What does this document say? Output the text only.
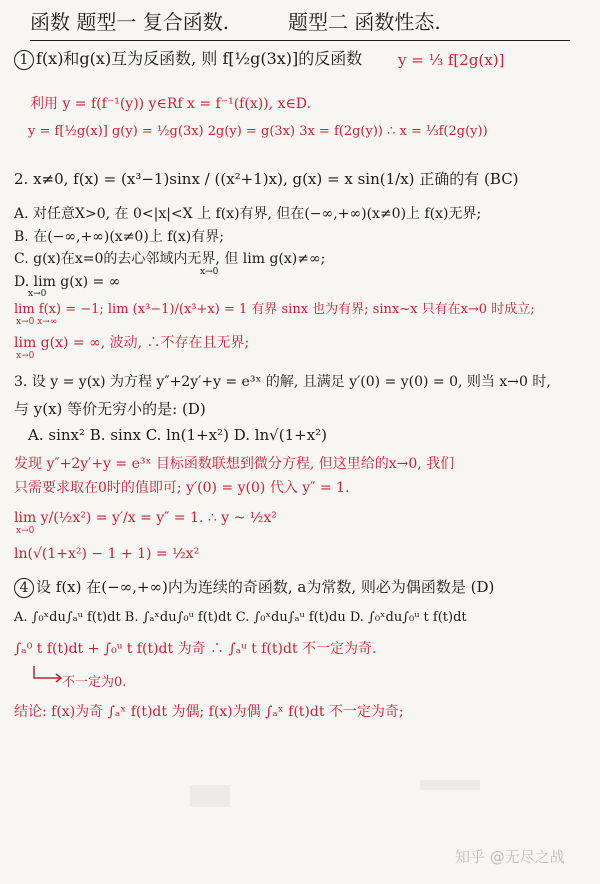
函数 题型一 复合函数.	题型二 函数性态.
1 f(x)和g(x)互为反函数, 则 f[½g(3x)]的反函数 y = ⅓ f[2g(x)]
利用 y = f(f⁻¹(y)) y∈Rf x = f⁻¹(f(x)), x∈D.
y = f[½g(x)] g(y) = ½g(3x) 2g(y) = g(3x) 3x = f(2g(y)) ∴ x = ⅓f(2g(y))
2. x≠0, f(x) = (x³−1)sinx / ((x²+1)x), g(x) = x sin(1/x) 正确的有 (BC)
A. 对任意X>0, 在 0<|x|<X 上 f(x)有界, 但在(−∞,+∞)(x≠0)上 f(x)无界;
B. 在(−∞,+∞)(x≠0)上 f(x)有界;
C. g(x)在x=0的去心邻域内无界, 但 lim g(x)≠∞;
x→0
D. lim g(x) = ∞
x→0
lim f(x) = −1; lim (x³−1)/(x³+x) = 1 有界 sinx 也为有界; sinx~x 只有在x→0 时成立;
x→0 x→∞
lim g(x) = ∞, 波动, ∴不存在且无界;
x→0
3. 设 y = y(x) 为方程 y″+2y′+y = e³ˣ 的解, 且满足 y′(0) = y(0) = 0, 则当 x→0 时,
与 y(x) 等价无穷小的是: (D)
A. sinx² B. sinx C. ln(1+x²) D. ln√(1+x²)
发现 y″+2y′+y = e³ˣ 目标函数联想到微分方程, 但这里给的x→0, 我们
只需要求取在0时的值即可; y′(0) = y(0) 代入 y″ = 1.
lim y/(½x²) = y′/x = y″ = 1. ∴ y ~ ½x²
x→0
ln(√(1+x²) − 1 + 1) = ½x²
4 设 f(x) 在(−∞,+∞)内为连续的奇函数, a为常数, 则必为偶函数是 (D)
A. ∫₀ˣdu∫ₐᵘ f(t)dt B. ∫ₐˣdu∫₀ᵘ f(t)dt C. ∫₀ˣdu∫ₐᵘ f(t)du D. ∫₀ˣdu∫₀ᵘ t f(t)dt
∫ₐ⁰ t f(t)dt + ∫₀ᵘ t f(t)dt 为奇 ∴ ∫ₐᵘ t f(t)dt 不一定为奇.
不一定为0.
结论: f(x)为奇 ∫ₐˣ f(t)dt 为偶; f(x)为偶 ∫ₐˣ f(t)dt 不一定为奇;
知乎 @无尽之战
